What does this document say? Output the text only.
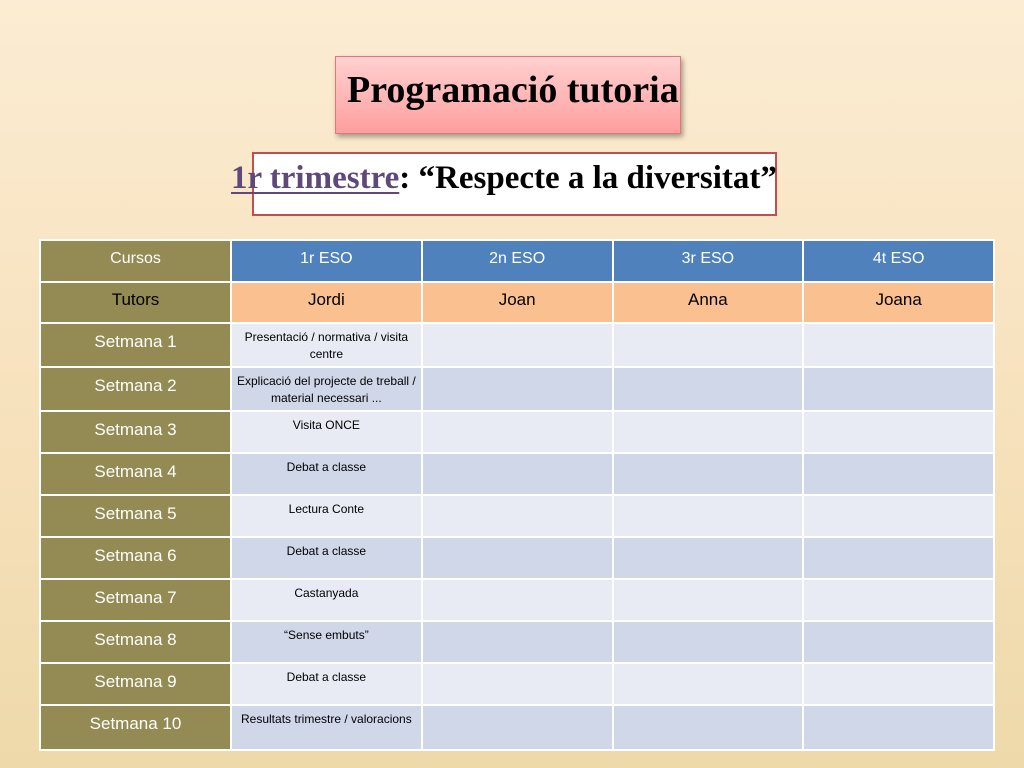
Programació tutoria
1r trimestre: “Respecte a la diversitat”
Cursos	1r ESO	2n ESO	3r ESO	4t ESO
Tutors	Jordi	Joan	Anna	Joana
Setmana 1	Presentació / normativa / visita centre			
Setmana 2	Explicació del projecte de treball / material necessari ...			
Setmana 3	Visita ONCE			
Setmana 4	Debat a classe			
Setmana 5	Lectura Conte			
Setmana 6	Debat a classe			
Setmana 7	Castanyada			
Setmana 8	“Sense embuts”			
Setmana 9	Debat a classe			
Setmana 10	Resultats trimestre / valoracions			
